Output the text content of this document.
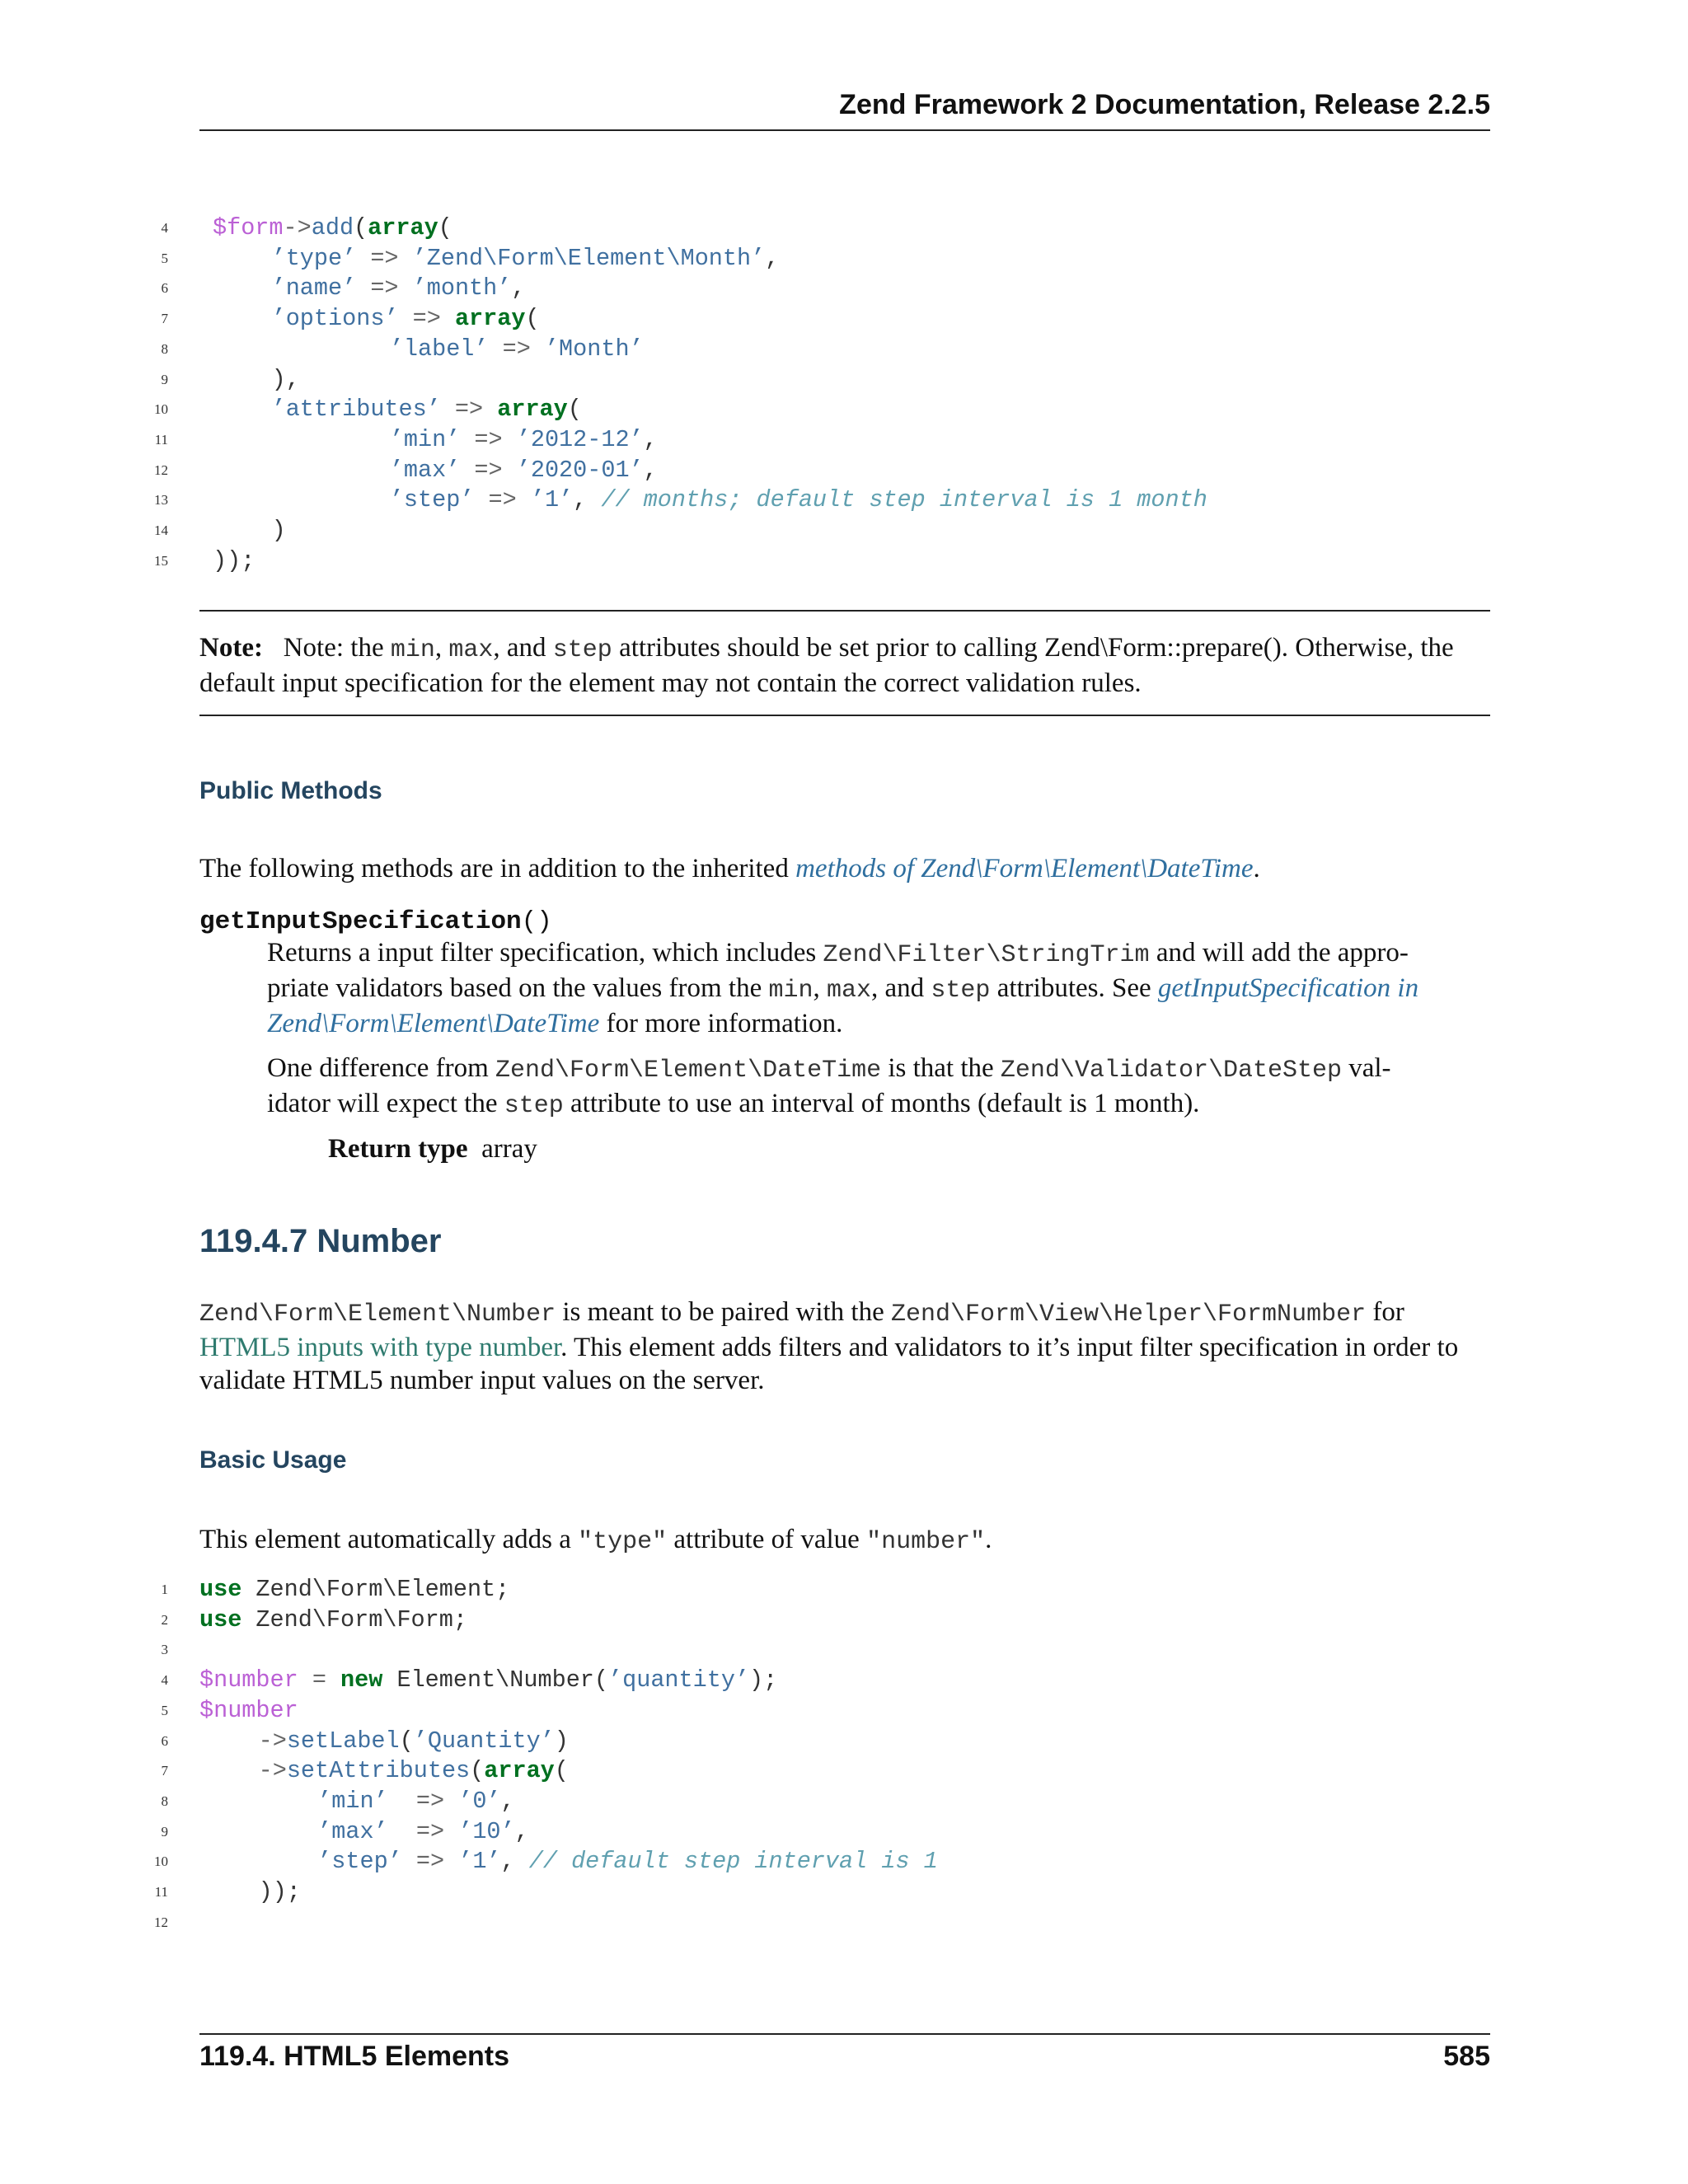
Zend Framework 2 Documentation, Release 2.2.5
4 $form->add(array(
5	’type’ => ’Zend\Form\Element\Month’,
6	’name’ => ’month’,
7	’options’ => array(
8	’label’ => ’Month’
9	),
10	’attributes’ => array(
11	’min’ => ’2012-12’,
12	’max’ => ’2020-01’,
13	’step’ => ’1’, // months; default step interval is 1 month
14	)
15 ));
Note: Note: the min, max, and step attributes should be set prior to calling Zend\Form::prepare(). Otherwise, the
default input specification for the element may not contain the correct validation rules.
Public Methods
The following methods are in addition to the inherited methods of Zend\Form\Element\DateTime.
getInputSpecification()
Returns a input filter specification, which includes Zend\Filter\StringTrim and will add the appro-
priate validators based on the values from the min, max, and step attributes. See getInputSpecification in
Zend\Form\Element\DateTime for more information.
One difference from Zend\Form\Element\DateTime is that the Zend\Validator\DateStep val-
idator will expect the step attribute to use an interval of months (default is 1 month).
Return type array
119.4.7 Number
Zend\Form\Element\Number is meant to be paired with the Zend\Form\View\Helper\FormNumber for
HTML5 inputs with type number. This element adds filters and validators to it’s input filter specification in order to
validate HTML5 number input values on the server.
Basic Usage
This element automatically adds a "type" attribute of value "number".
1 use Zend\Form\Element;
2 use Zend\Form\Form;
3
4 $number = new Element\Number(’quantity’);
5 $number
6	->setLabel(’Quantity’)
7	->setAttributes(array(
8	’min’  => ’0’,
9	’max’  => ’10’,
10	’step’ => ’1’, // default step interval is 1
11	));
12
119.4. HTML5 Elements	585
